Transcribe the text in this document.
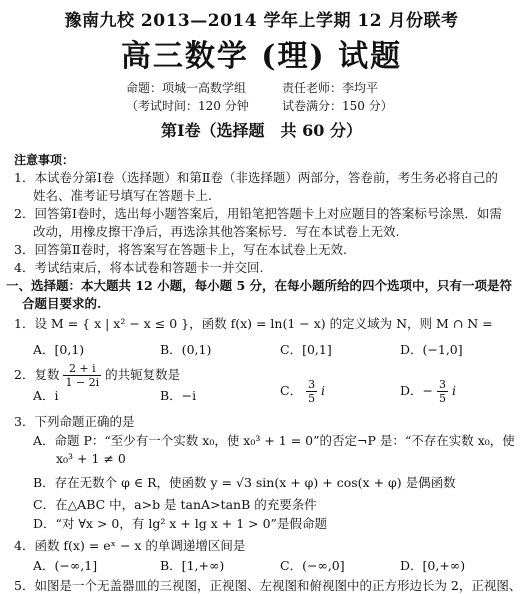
豫南九校 2013—2014 学年上学期 12 月份联考
高三数学 (理) 试题
命题：项城一高数学组	责任老师：李均平
（考试时间：120 分钟	试卷满分：150 分）
第Ⅰ卷（选择题　共 60 分）
注意事项：
1．本试卷分第Ⅰ卷（选择题）和第Ⅱ卷（非选择题）两部分，答卷前，考生务必将自己的
姓名、准考证号填写在答题卡上.
2．回答第Ⅰ卷时，选出每小题答案后，用铅笔把答题卡上对应题目的答案标号涂黑．如需
改动，用橡皮擦干净后，再选涂其他答案标号．写在本试卷上无效.
3．回答第Ⅱ卷时，将答案写在答题卡上，写在本试卷上无效.
4．考试结束后，将本试卷和答题卡一并交回.
一、选择题：本大题共 12 小题，每小题 5 分，在每小题所给的四个选项中，只有一项是符
合题目要求的.
1．设 M = { x | x² − x ≤ 0 }，函数 f(x) = ln(1 − x) 的定义域为 N，则 M ∩ N =
A．[0,1)	B．(0,1)	C．[0,1]	D．(−1,0]
2．复数 $\frac{2 + i}{1 - 2i}$ 的共轭复数是
A．i	B．−i	C． $\frac{3}{5}$ i	D．− $\frac{3}{5}$ i
3．下列命题正确的是
A．命题 P：“至少有一个实数 x₀，使 x₀³ + 1 = 0”的否定¬P 是：“不存在实数 x₀，使
x₀³ + 1 ≠ 0
B．存在无数个 φ ∈ R，使函数 y = √3 sin(x + φ) + cos(x + φ) 是偶函数
C．在△ABC 中，a>b 是 tanA>tanB 的充要条件
D．“对 ∀x > 0，有 lg² x + lg x + 1 > 0”是假命题
4．函数 f(x) = eˣ − x 的单调递增区间是
A．(−∞,1]	B．[1,+∞)	C．(−∞,0]	D．[0,+∞)
5．如图是一个无盖器皿的三视图，正视图、左视图和俯视图中的正方形边长为 2，正视图、
